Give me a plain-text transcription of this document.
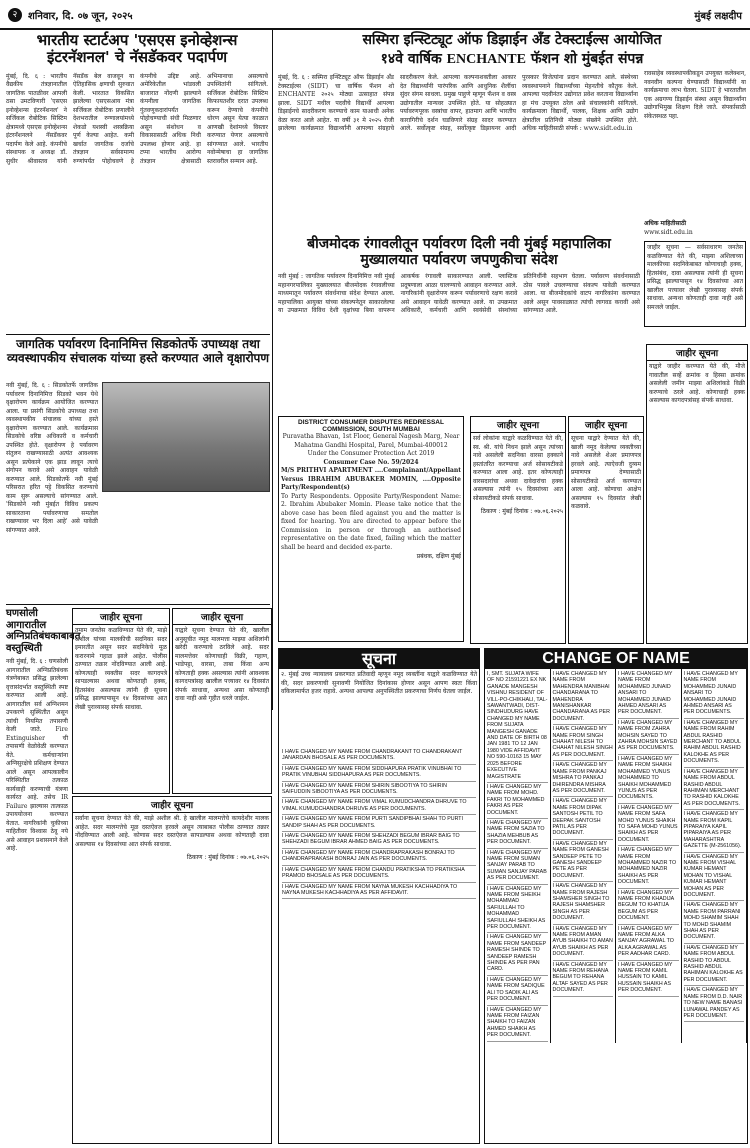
२	शनिवार, दि. ०७ जून, २०२५	मुंबई लक्षदीप
भारतीय स्टार्टअप 'एसएस इनोव्हेशन्स इंटरनॅशनल' चे नॅसडॅकवर पदार्पण
मुंबई, दि. ६ : भारतीय वैद्यकीय तंत्रज्ञानातील जागतिक पातळीवर आपली ठसा उमटविणारी 'एसएस इनोव्हेशन्स इंटरनॅशनल' ने सर्जिकल रोबोटिक सिस्टिम क्षेत्रामध्ये एसएस इनोव्हेशन्स इंटरनॅशनलने नॅसडॅकवर पदार्पण केले आहे. कंपनीचे संस्थापक व अध्यक्ष डॉ. सुधीर श्रीवास्तव यांनी नॅसडॅक बेल वाजवून या ऐतिहासिक क्षणाची सुरुवात केली. भारतात विकसित झालेल्या एसएसआय मंत्रा सर्जिकल रोबोटिक प्रणालीने देशभरातील रुग्णालयांमध्ये शेकडो यशस्वी शस्त्रक्रिया पूर्ण केल्या आहेत. कमी खर्चात जागतिक दर्जाचे तंत्रज्ञान सर्वसामान्य रुग्णांपर्यंत पोहोचवणे हे कंपनीचे उद्दिष्ट आहे. अमेरिकेतील भांडवली बाजारात नोंदणी झाल्याने कंपनीला जागतिक गुंतवणूकदारांपर्यंत पोहोचण्याची संधी मिळणार असून संशोधन व विकासासाठी अधिक निधी उपलब्ध होणार आहे. हा टप्पा भारतीय आरोग्य तंत्रज्ञान क्षेत्रासाठी अभिमानाचा असल्याचे उपस्थितांनी सांगितले. सर्जिकल रोबोटिक सिस्टिम किफायतशीर दरात उपलब्ध करून देण्याचे कंपनीचे धोरण असून येत्या काळात आणखी देशांमध्ये विस्तार करण्यात येणार असल्याचे सांगण्यात आले. भारतीय नवोन्मेषाचा हा जागतिक स्तरावरील सन्मान आहे.
सस्मिरा इन्स्टिट्यूट ऑफ डिझाईन अँड टेक्स्टाईल्स आयोजित
१४वे वार्षिक ENCHANTE फॅशन शो मुंबईत संपन्न
मुंबई, दि. ६ : सस्मिरा इन्स्टिट्यूट ऑफ डिझाईन अँड टेक्स्टाईल्स (SIDT) चा वार्षिक फॅशन शो ENCHANTE २०२५ मोठ्या उत्साहात संपन्न झाला. SIDT मधील पदवीचे विद्यार्थी आपल्या डिझाईनचे सादरीकरण करण्याचे काम याआधी अनेक वेळा करत आले आहेत. या वर्षी ३१ मे २०२५ रोजी झालेल्या कार्यक्रमात विद्यार्थ्यांनी आपल्या संग्रहाचे सादरीकरण केले. आपल्या कल्पनाशक्तीला आकार देत विद्यार्थ्यांनी पारंपरिक आणि आधुनिक शैलींचा सुंदर संगम साधला. प्रमुख पाहुणे म्हणून फॅशन व वस्त्र उद्योगातील मान्यवर उपस्थित होते. या सोहळ्यात पर्यावरणपूरक वस्त्रांचा वापर, हातमाग आणि भारतीय कारागिरीचे दर्शन घडविणारे संग्रह सादर करण्यात आले. सर्वोत्कृष्ट संग्रह, सर्वोत्कृष्ट डिझायनर आदी पुरस्कार विजेत्यांना प्रदान करण्यात आले. संस्थेच्या व्यवस्थापनाने विद्यार्थ्यांच्या मेहनतीचे कौतुक केले. आपल्या पदवीनंतर उद्योगात प्रवेश करताना विद्यार्थ्यांना हा मंच उपयुक्त ठरेल असे संचालकांनी सांगितले. कार्यक्रमाला विद्यार्थी, पालक, शिक्षक आणि उद्योग क्षेत्रातील प्रतिनिधी मोठ्या संख्येने उपस्थित होते. अधिक माहितीसाठी संपर्क : www.sidt.edu.in
रावसाहेब व्यवस्थापकीकडून उपयुक्त कलेक्शन, नवनवीन कल्पना घेण्यासाठी विद्यार्थ्यांनी या कार्यक्रमाचा लाभ घेतला. SIDT हे भारतातील एक अग्रगण्य डिझाईन संस्था असून विद्यार्थ्यांना उद्योगाभिमुख शिक्षण दिले जाते. संपर्कासाठी संकेतस्थळ पहा.
अधिक माहितीसाठी
www.sidt.edu.in
जाहीर सूचना — सर्वसाधारण जनतेस कळविण्यात येते की, माझ्या अशिलाच्या मालकीच्या सदनिकेबाबत कोणाचाही हक्क, हितसंबंध, दावा असल्यास त्यांनी ही सूचना प्रसिद्ध झाल्यापासून १४ दिवसांच्या आत खालील पत्त्यावर लेखी पुराव्यासह संपर्क साधावा. अन्यथा कोणताही दावा नाही असे समजले जाईल.
बीजमोदक रंगावलीतून पर्यावरण दिली नवी मुंबई महापालिका मुख्यालयात पर्यावरण जपणुकीचा संदेश
नवी मुंबई : जागतिक पर्यावरण दिनानिमित्त नवी मुंबई महानगरपालिका मुख्यालयात बीजमोदक रंगावलीच्या माध्यमातून पर्यावरण संवर्धनाचा संदेश देण्यात आला. महापालिका आयुक्त यांच्या संकल्पनेतून साकारलेल्या या उपक्रमात विविध देशी वृक्षांच्या बिया वापरून आकर्षक रंगावली साकारण्यात आली. प्लास्टिक प्रदूषणाला आळा घालण्याचे आवाहन करण्यात आले. नागरिकांनी वृक्षारोपण करून पर्यावरणाचे रक्षण करावे असे आवाहन यावेळी करण्यात आले. या उपक्रमात अधिकारी, कर्मचारी आणि स्वयंसेवी संस्थांच्या प्रतिनिधींनी सहभाग घेतला. पर्यावरण संवर्धनासाठी ठोस पावले उचलण्याचा संकल्प यावेळी करण्यात आला. या बीजमोदकांचे वाटप नागरिकांना करण्यात आले असून पावसाळ्यात त्यांची लागवड करावी असे सांगण्यात आले.
जागतिक पर्यावरण दिनानिमित्त सिडकोतर्फे उपाध्यक्ष तथा व्यवस्थापकीय संचालक यांच्या हस्ते करण्यात आले वृक्षारोपण
नवी मुंबई, दि. ६ : सिडकोतर्फे जागतिक पर्यावरण दिनानिमित्त सिडको भवन येथे वृक्षारोपण कार्यक्रम आयोजित करण्यात आला. या प्रसंगी सिडकोचे उपाध्यक्ष तथा व्यवस्थापकीय संचालक यांच्या हस्ते वृक्षारोपण करण्यात आले. कार्यक्रमास सिडकोचे वरिष्ठ अधिकारी व कर्मचारी उपस्थित होते. वृक्षारोपण हे पर्यावरण संतुलन राखण्यासाठी अत्यंत आवश्यक असून प्रत्येकाने एक झाड लावून त्याचे संगोपन करावे असे आवाहन यावेळी करण्यात आले. सिडकोतर्फे नवी मुंबई परिसरात हरित पट्टे विकसित करण्याचे काम सुरू असल्याचे सांगण्यात आले. 'सिडकोने नवी मुंबईत विविध प्रकल्प साकारताना पर्यावरणाचा समतोल राखण्यावर भर दिला आहे' असे यावेळी सांगण्यात आले.
घणसोली आगारातील अग्निप्रतिबंधकाबाबत वस्तुस्थिती
नवी मुंबई, दि. ६ : घणसोली आगारातील अग्निप्रतिबंधक यंत्रणेबाबत प्रसिद्ध झालेल्या वृत्तासंदर्भात वस्तुस्थिती स्पष्ट करण्यात आली आहे. आगारातील सर्व अग्निशमन उपकरणे सुस्थितीत असून त्यांची नियमित तपासणी केली जाते. Fire Extinguisher ची तपासणी वेळोवेळी करण्यात येते. कर्मचाऱ्यांना अग्निसुरक्षेचे प्रशिक्षण देण्यात आले असून आपत्कालीन परिस्थितीत तत्काळ कार्यवाही करण्याची यंत्रणा कार्यरत आहे. तसेच IR Failure झाल्यास तात्काळ उपाययोजना करण्यात येतात. नागरिकांनी चुकीच्या माहितीवर विश्वास ठेवू नये असे आवाहन प्रशासनाने केले आहे.
जाहीर सूचना
तमाम जनतेस कळविण्यात येते की, माझे अशील यांच्या मालकीची सदनिका सदर इमारतीत असून सदर सदनिकेचे मूळ करारनामे गहाळ झाले आहेत. पोलीस ठाण्यात तक्रार नोंदविण्यात आली आहे. कोणत्याही व्यक्तीस सदर कागदपत्रे सापडल्यास अथवा कोणताही हक्क, हितसंबंध असल्यास त्यांनी ही सूचना प्रसिद्ध झाल्यापासून १४ दिवसांच्या आत लेखी पुराव्यासह संपर्क साधावा.
जाहीर सूचना
याद्वारे सूचना देण्यात येते की, खालील अनुसूचीत नमूद मालमत्ता माझ्या अशिलांनी खरेदी करण्याचे ठरविले आहे. सदर मालमत्तेवर कोणाचाही विक्री, गहाण, भाडेपट्टा, वारसा, ताबा किंवा अन्य कोणताही हक्क असल्यास त्यांनी आवश्यक कागदपत्रांसह खालील पत्त्यावर १४ दिवसांत संपर्क साधावा, अन्यथा असा कोणताही दावा नाही असे गृहीत धरले जाईल.
DISTRICT CONSUMER DISPUTES REDRESSAL COMMISSION, SOUTH MUMBAI
Puravatha Bhavan, 1st Floor, General Nagesh Marg, Near Mahatma Gandhi Hospital, Parel, Mumbai-400012
Under the Consumer Protection Act 2019
Consumer Case No. 59/2024
M/S PRITHVI APARTMENT ....Complainant/Appellant Versus IBRAHIM ABUBAKER MOMIN, ....Opposite Party/Respondent(s)
To Party Respondents. Opposite Party/Respondent Name: 2. Ibrahim Abubaker Momin. Please take notice that the above case has been filed against you and the matter is fixed for hearing. You are directed to appear before the Commission in person or through an authorised representative on the date fixed, failing which the matter shall be heard and decided ex-parte.
प्रबंधक, दक्षिण मुंबई
जाहीर सूचना
सर्व लोकांना याद्वारे कळविण्यात येते की, स्व. श्री. यांचे निधन झाले असून त्यांच्या नावे असलेली सदनिका वारसा हक्काने हस्तांतरित करण्याचा अर्ज सोसायटीकडे करण्यात आला आहे. इतर कोणत्याही वारसदारांचा अथवा दावेदारांचा हक्क असल्यास त्यांनी १५ दिवसांच्या आत सोसायटीकडे संपर्क साधावा.
ठिकाण : मुंबई दिनांक : ०७.०६.२०२५
जाहीर सूचना
सूचना याद्वारे देण्यात येते की, खाली नमूद केलेल्या व्यक्तीच्या नावे असलेले शेअर प्रमाणपत्र हरवले आहे. त्याऐवजी दुय्यम प्रमाणपत्र देण्यासाठी सोसायटीकडे अर्ज करण्यात आला आहे. कोणाचा आक्षेप असल्यास १५ दिवसांत लेखी कळवावे.
जाहीर सूचना
याद्वारे जाहीर करण्यात येते की, मौजे गावातील सर्व्हे क्रमांक व हिस्सा क्रमांक असलेली जमीन माझ्या अशिलांकडे विक्री करण्याचे ठरले आहे. कोणाचाही हक्क असल्यास कागदपत्रांसह संपर्क साधावा.
जाहीर सूचना
सर्वांना सूचना देण्यात येते की, माझे अशील श्री. हे खालील मालमत्तेचे कायदेशीर मालक आहेत. सदर मालमत्तेचे मूळ दस्तऐवज हरवले असून त्याबाबत पोलीस ठाण्यात तक्रार नोंदविण्यात आली आहे. कोणास सदर दस्तऐवज सापडल्यास अथवा कोणताही दावा असल्यास १४ दिवसांच्या आत संपर्क साधावा.
ठिकाण : मुंबई दिनांक : ०७.०६.२०२५
सूचना
२. मुंबई उच्च न्यायालय प्रकरणात प्रतिवादी म्हणून नमूद व्यक्तींना याद्वारे कळविण्यात येते की, सदर प्रकरणाची सुनावणी नियोजित दिनांकास होणार असून आपण स्वतः किंवा वकिलामार्फत हजर राहावे. अन्यथा आपल्या अनुपस्थितीत प्रकरणाचा निर्णय घेतला जाईल.
I HAVE CHANGED MY NAME FROM CHANDRAKANT TO CHANDRAKANT JANARDAN BHOSALE AS PER DOCUMENTS.
I HAVE CHANGED MY NAME FROM SIDDHAPURA PRATIK VINUBHAI TO PRATIK VINUBHAI SIDDHAPURA AS PER DOCUMENTS.
I HAVE CHANGED MY NAME FROM SHIRIN SIBOOTIYA TO SHIRIN SAIFUDDIN SIBOOTIYA AS PER DOCUMENTS.
I HAVE CHANGED MY NAME FROM VIMAL KUMUDCHANDRA DHRUVE TO VIMAL KUMUDCHANDRA DHRUVE AS PER DOCUMENTS.
I HAVE CHANGED MY NAME FROM PURTI SANDIPBHAI SHAH TO PURTI SANDIP SHAH AS PER DOCUMENTS.
I HAVE CHANGED MY NAME FROM SHEHZADI BEGUM IBRAR BAIG TO SHEHZADI BEGUM IBRAR AHMED BAIG AS PER DOCUMENTS.
I HAVE CHANGED MY NAME FROM CHANDRAPRAKASH BONRAJ TO CHANDRAPRAKASH BONRAJ JAIN AS PER DOCUMENTS.
I HAVE CHANGED MY NAME FROM CHANDU PRATIKSHA TO PRATIKSHA PRAMOD BHOSALE AS PER DOCUMENTS.
I HAVE CHANGED MY NAME FROM NAYNA MUKESH KACHHADIYA TO NAYNA MUKESH KACHHADIYA AS PER AFFIDAVIT.
CHANGE OF NAME
I, SMT. SUJATA WIFE OF NO 21591221 EX NK GANADE MANGESH VISHNU RESIDENT OF VILL-PO-CHIKHALI, TAL-SAWANTWADI, DIST-SINDHUDURG HAVE CHANGED MY NAME FROM SUJATA MANGESH GANADE AND DATE OF BIRTH 08 JAN 1981 TO 12 JAN 1980 VIDE AFFIDAVIT NO 590-10163 15 MAY 2025 BEFORE EXECUTIVE MAGISTRATE
I HAVE CHANGED MY NAME FROM MOHD. FAKRI TO MOHAMMED FAKRI AS PER DOCUMENT.
I HAVE CHANGED MY NAME FROM SAZIA TO SHAZIA MEHBUB AS PER DOCUMENT.
I HAVE CHANGED MY NAME FROM SUMAN SANJAY PARAB TO SUMAN SANJAY PARAB AS PER DOCUMENT.
I HAVE CHANGED MY NAME FROM SHEIKH MOHAMMAD SAFIULLAH TO MOHAMMAD SAFIULLAH SHEIKH AS PER DOCUMENT.
I HAVE CHANGED MY NAME FROM SANDEEP RAMESH SHINDE TO SANDEEP RAMESH SHINDE AS PER PAN CARD.
I HAVE CHANGED MY NAME FROM SADIQUE ALI TO SADIK ALI AS PER DOCUMENT.
I HAVE CHANGED MY NAME FROM FAIZAN SHAIKH TO FAIZAN AHMED SHAIKH AS PER DOCUMENT.
I HAVE CHANGED MY NAME FROM MAHENDRA MANIBHAI CHANDARANA TO MAHENDRA MANISHANKAR CHANDARANA AS PER DOCUMENT.
I HAVE CHANGED MY NAME FROM SINGH CHAHAT NILESH TO CHAHAT NILESH SINGH AS PER DOCUMENT.
I HAVE CHANGED MY NAME FROM PANKAJ MISHRA TO PANKAJ DHIRENDRA MISHRA AS PER DOCUMENT.
I HAVE CHANGED MY NAME FROM DIPAK SANTOSH PETIL TO DEEPAK SANTOSH PATIL AS PER DOCUMENT.
I HAVE CHANGED MY NAME FROM GANESH SANDEEP PETE TO GANESH SANDEEP PETE AS PER DOCUMENT.
I HAVE CHANGED MY NAME FROM RAJESH SHAMSHER SINGH TO RAJESH SHAMSHER SINGH AS PER DOCUMENT.
I HAVE CHANGED MY NAME FROM AMAN AYUB SHAIKH TO AMAN AYUB SHAIKH AS PER DOCUMENT.
I HAVE CHANGED MY NAME FROM REHANA BEGUM TO REHANA ALTAF SAYED AS PER DOCUMENT.
I HAVE CHANGED MY NAME FROM MOHAMMED JUNAID ANSARI TO MOHAMMED JUNAID AHMED ANSARI AS PER DOCUMENT.
I HAVE CHANGED MY NAME FROM ZAHRA MOHSIN SAYED TO ZAHRA MOHSIN SAYED AS PER DOCUMENTS.
I HAVE CHANGED MY NAME FROM SHAIKH MOHAMMED YUNUS MOHAMMED TO SHAIKH MOHAMMED YUNUS AS PER DOCUMENTS.
I HAVE CHANGED MY NAME FROM SAFA MOHD YUNUS SHAIKH TO SAFA MOHD YUNUS SHAIKH AS PER DOCUMENT.
I HAVE CHANGED MY NAME FROM MOHAMMED NAZIR TO MOHAMMED NAZIR SHAIKH AS PER DOCUMENT.
I HAVE CHANGED MY NAME FROM KHADIJA BEGUM TO KHATIJA BEGUM AS PER DOCUMENT.
I HAVE CHANGED MY NAME FROM ALKA SANJAY AGRAWAL TO ALKA AGRAWAL AS PER AADHAR CARD.
I HAVE CHANGED MY NAME FROM KAMIL HUSSAIN TO KAMIL HUSSAIN SHAIKH AS PER DOCUMENT.
I HAVE CHANGED MY NAME FROM MOHAMMED JUNAID ANSARI TO MOHAMMED JUNAID AHMED ANSARI AS PER DOCUMENTS.
I HAVE CHANGED MY NAME FROM RAHIM ABDUL RASHID MERCHANT TO ABDUL RAHIM ABDUL RASHID KALOKHE AS PER DOCUMENTS.
I HAVE CHANGED MY NAME FROM ABDUL RASHID ABDUL RAHIMAN MERCHANT TO RASHID KALOKHE AS PER DOCUMENTS.
I HAVE CHANGED MY NAME FROM KAPIL PIPARAIYA KAPIL PIPARAIYA AS PER MAHARASHTRA GAZETTE (M-2561056).
I HAVE CHANGED MY NAME FROM VISHAL KUMAR HEMANT MOHAN TO VISHAL KUMAR HEMANT MOHAN AS PER DOCUMENT.
I HAVE CHANGED MY NAME FROM PARRANI MOHD SHAMIM SHAH TO MOHD SHAMIM SHAH AS PER DOCUMENT.
I HAVE CHANGED MY NAME FROM ABDUL RASHID TO ABDUL RASHID ABDUL RAHIMAN KALOKHE AS PER DOCUMENT.
I HAVE CHANGED MY NAME FROM D.D. NAIR TO NEW NAME BANASI LUNAWAL PANDEY AS PER DOCUMENT.
